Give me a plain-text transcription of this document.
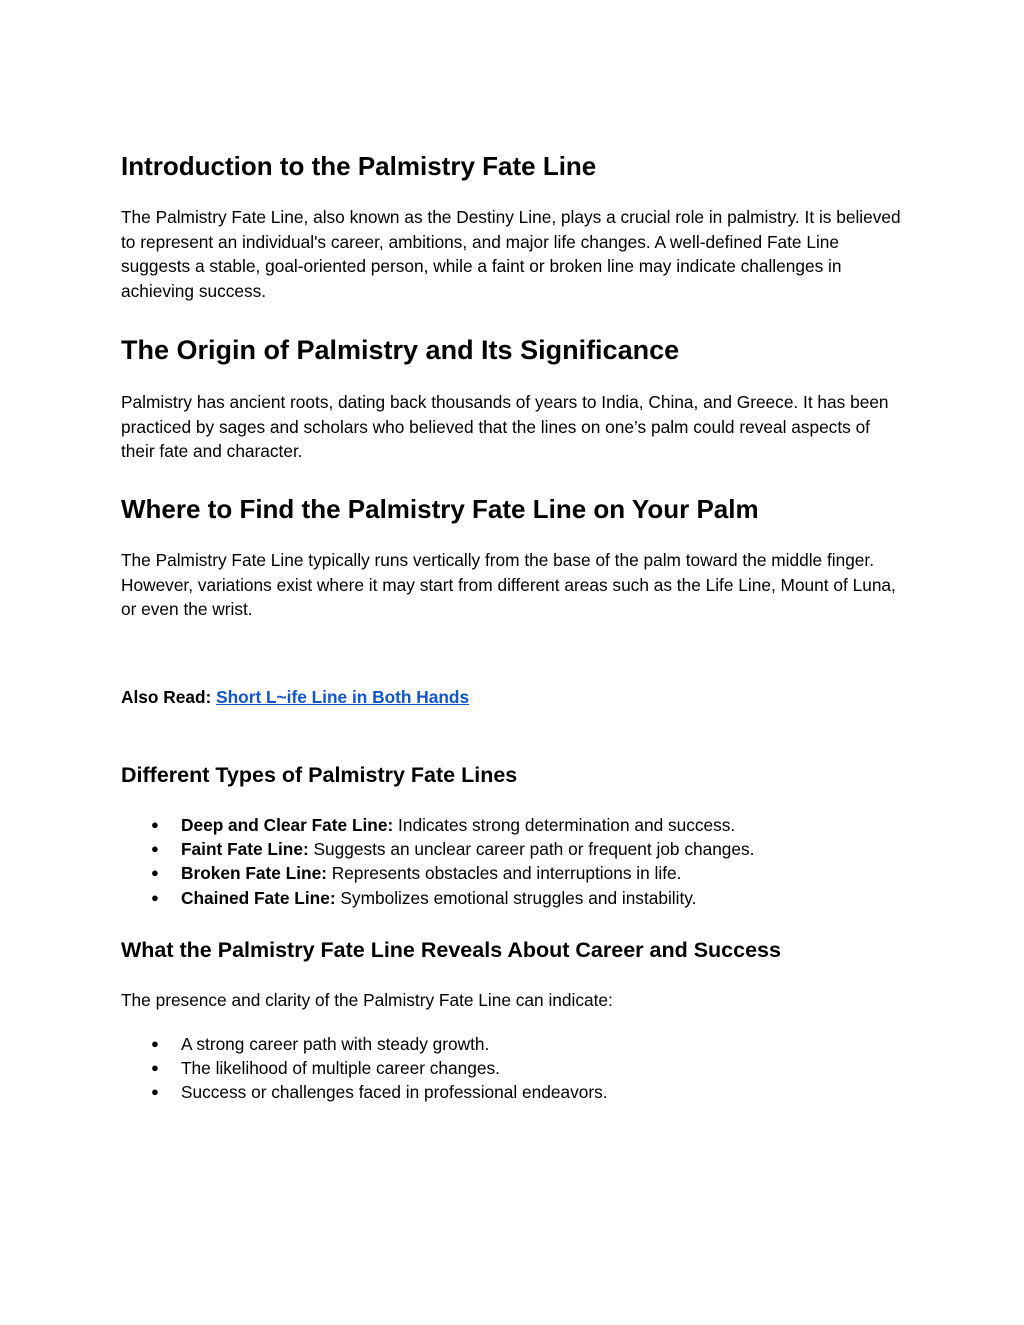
Introduction to the Palmistry Fate Line

The Palmistry Fate Line, also known as the Destiny Line, plays a crucial role in palmistry. It is believed to represent an individual's career, ambitions, and major life changes. A well-defined Fate Line suggests a stable, goal-oriented person, while a faint or broken line may indicate challenges in achieving success.

The Origin of Palmistry and Its Significance

Palmistry has ancient roots, dating back thousands of years to India, China, and Greece. It has been practiced by sages and scholars who believed that the lines on one’s palm could reveal aspects of their fate and character.

Where to Find the Palmistry Fate Line on Your Palm

The Palmistry Fate Line typically runs vertically from the base of the palm toward the middle finger. However, variations exist where it may start from different areas such as the Life Line, Mount of Luna, or even the wrist.

Also Read: Short L~ife Line in Both Hands
Different Types of Palmistry Fate Lines
● Deep and Clear Fate Line: Indicates strong determination and success.
● Faint Fate Line: Suggests an unclear career path or frequent job changes.
● Broken Fate Line: Represents obstacles and interruptions in life.
● Chained Fate Line: Symbolizes emotional struggles and instability.
What the Palmistry Fate Line Reveals About Career and Success

The presence and clarity of the Palmistry Fate Line can indicate:

● A strong career path with steady growth.
● The likelihood of multiple career changes.
● Success or challenges faced in professional endeavors.
